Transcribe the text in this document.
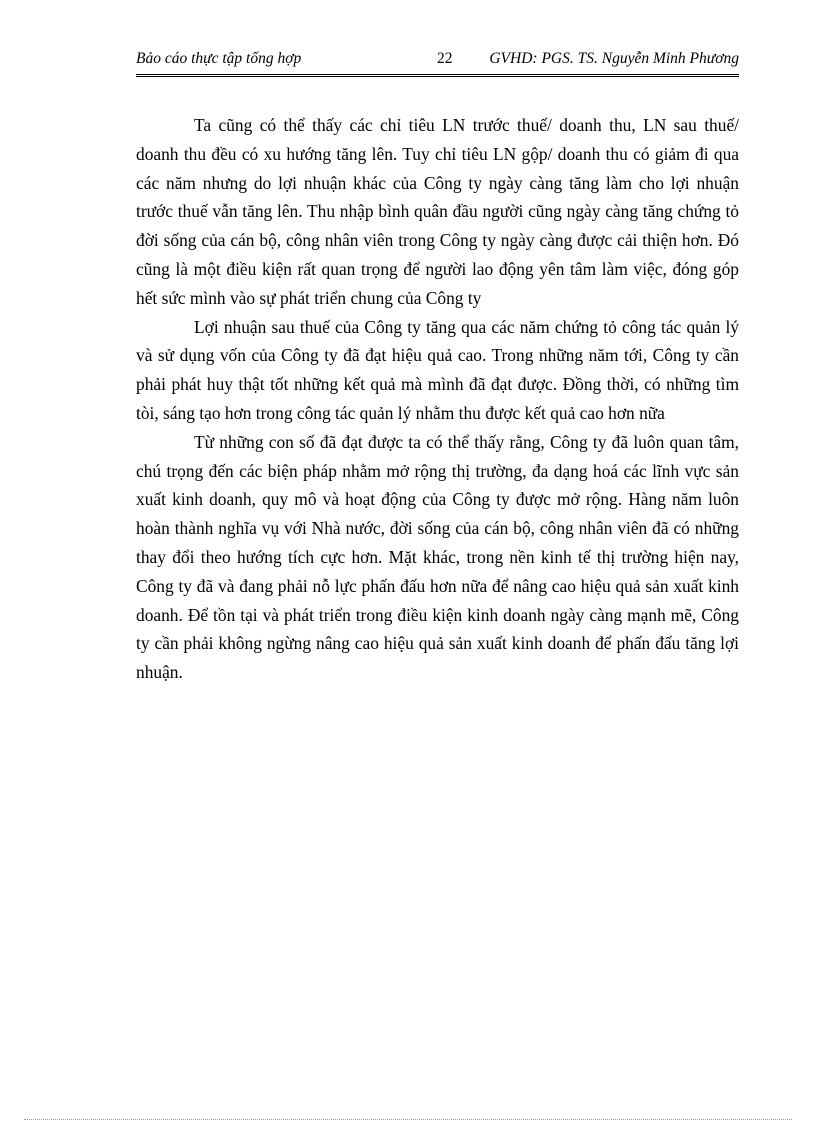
Bảo cáo thực tập tổng hợp	22 GVHD: PGS. TS. Nguyễn Minh Phương

Ta cũng có thể thấy các chỉ tiêu LN trước thuế/ doanh thu, LN sau thuế/ doanh thu đều có xu hướng tăng lên. Tuy chỉ tiêu LN gộp/ doanh thu có giảm đi qua các năm nhưng do lợi nhuận khác của Công ty ngày càng tăng làm cho lợi nhuận trước thuế vẫn tăng lên. Thu nhập bình quân đầu người cũng ngày càng tăng chứng tỏ đời sống của cán bộ, công nhân viên trong Công ty ngày càng được cải thiện hơn. Đó cũng là một điều kiện rất quan trọng để người lao động yên tâm làm việc, đóng góp hết sức mình vào sự phát triển chung của Công ty

Lợi nhuận sau thuế của Công ty tăng qua các năm chứng tỏ công tác quản lý và sử dụng vốn của Công ty đã đạt hiệu quả cao. Trong những năm tới, Công ty cần phải phát huy thật tốt những kết quả mà mình đã đạt được. Đồng thời, có những tìm tòi, sáng tạo hơn trong công tác quản lý nhằm thu được kết quả cao hơn nữa

Từ những con số đã đạt được ta có thể thấy rằng, Công ty đã luôn quan tâm, chú trọng đến các biện pháp nhằm mở rộng thị trường, đa dạng hoá các lĩnh vực sản xuất kinh doanh, quy mô và hoạt động của Công ty được mở rộng. Hàng năm luôn hoàn thành nghĩa vụ với Nhà nước, đời sống của cán bộ, công nhân viên đã có những thay đổi theo hướng tích cực hơn. Mặt khác, trong nền kinh tế thị trường hiện nay, Công ty đã và đang phải nỗ lực phấn đấu hơn nữa để nâng cao hiệu quả sản xuất kinh doanh. Để tồn tại và phát triển trong điều kiện kinh doanh ngày càng mạnh mẽ, Công ty cần phải không ngừng nâng cao hiệu quả sản xuất kinh doanh để phấn đấu tăng lợi nhuận.
